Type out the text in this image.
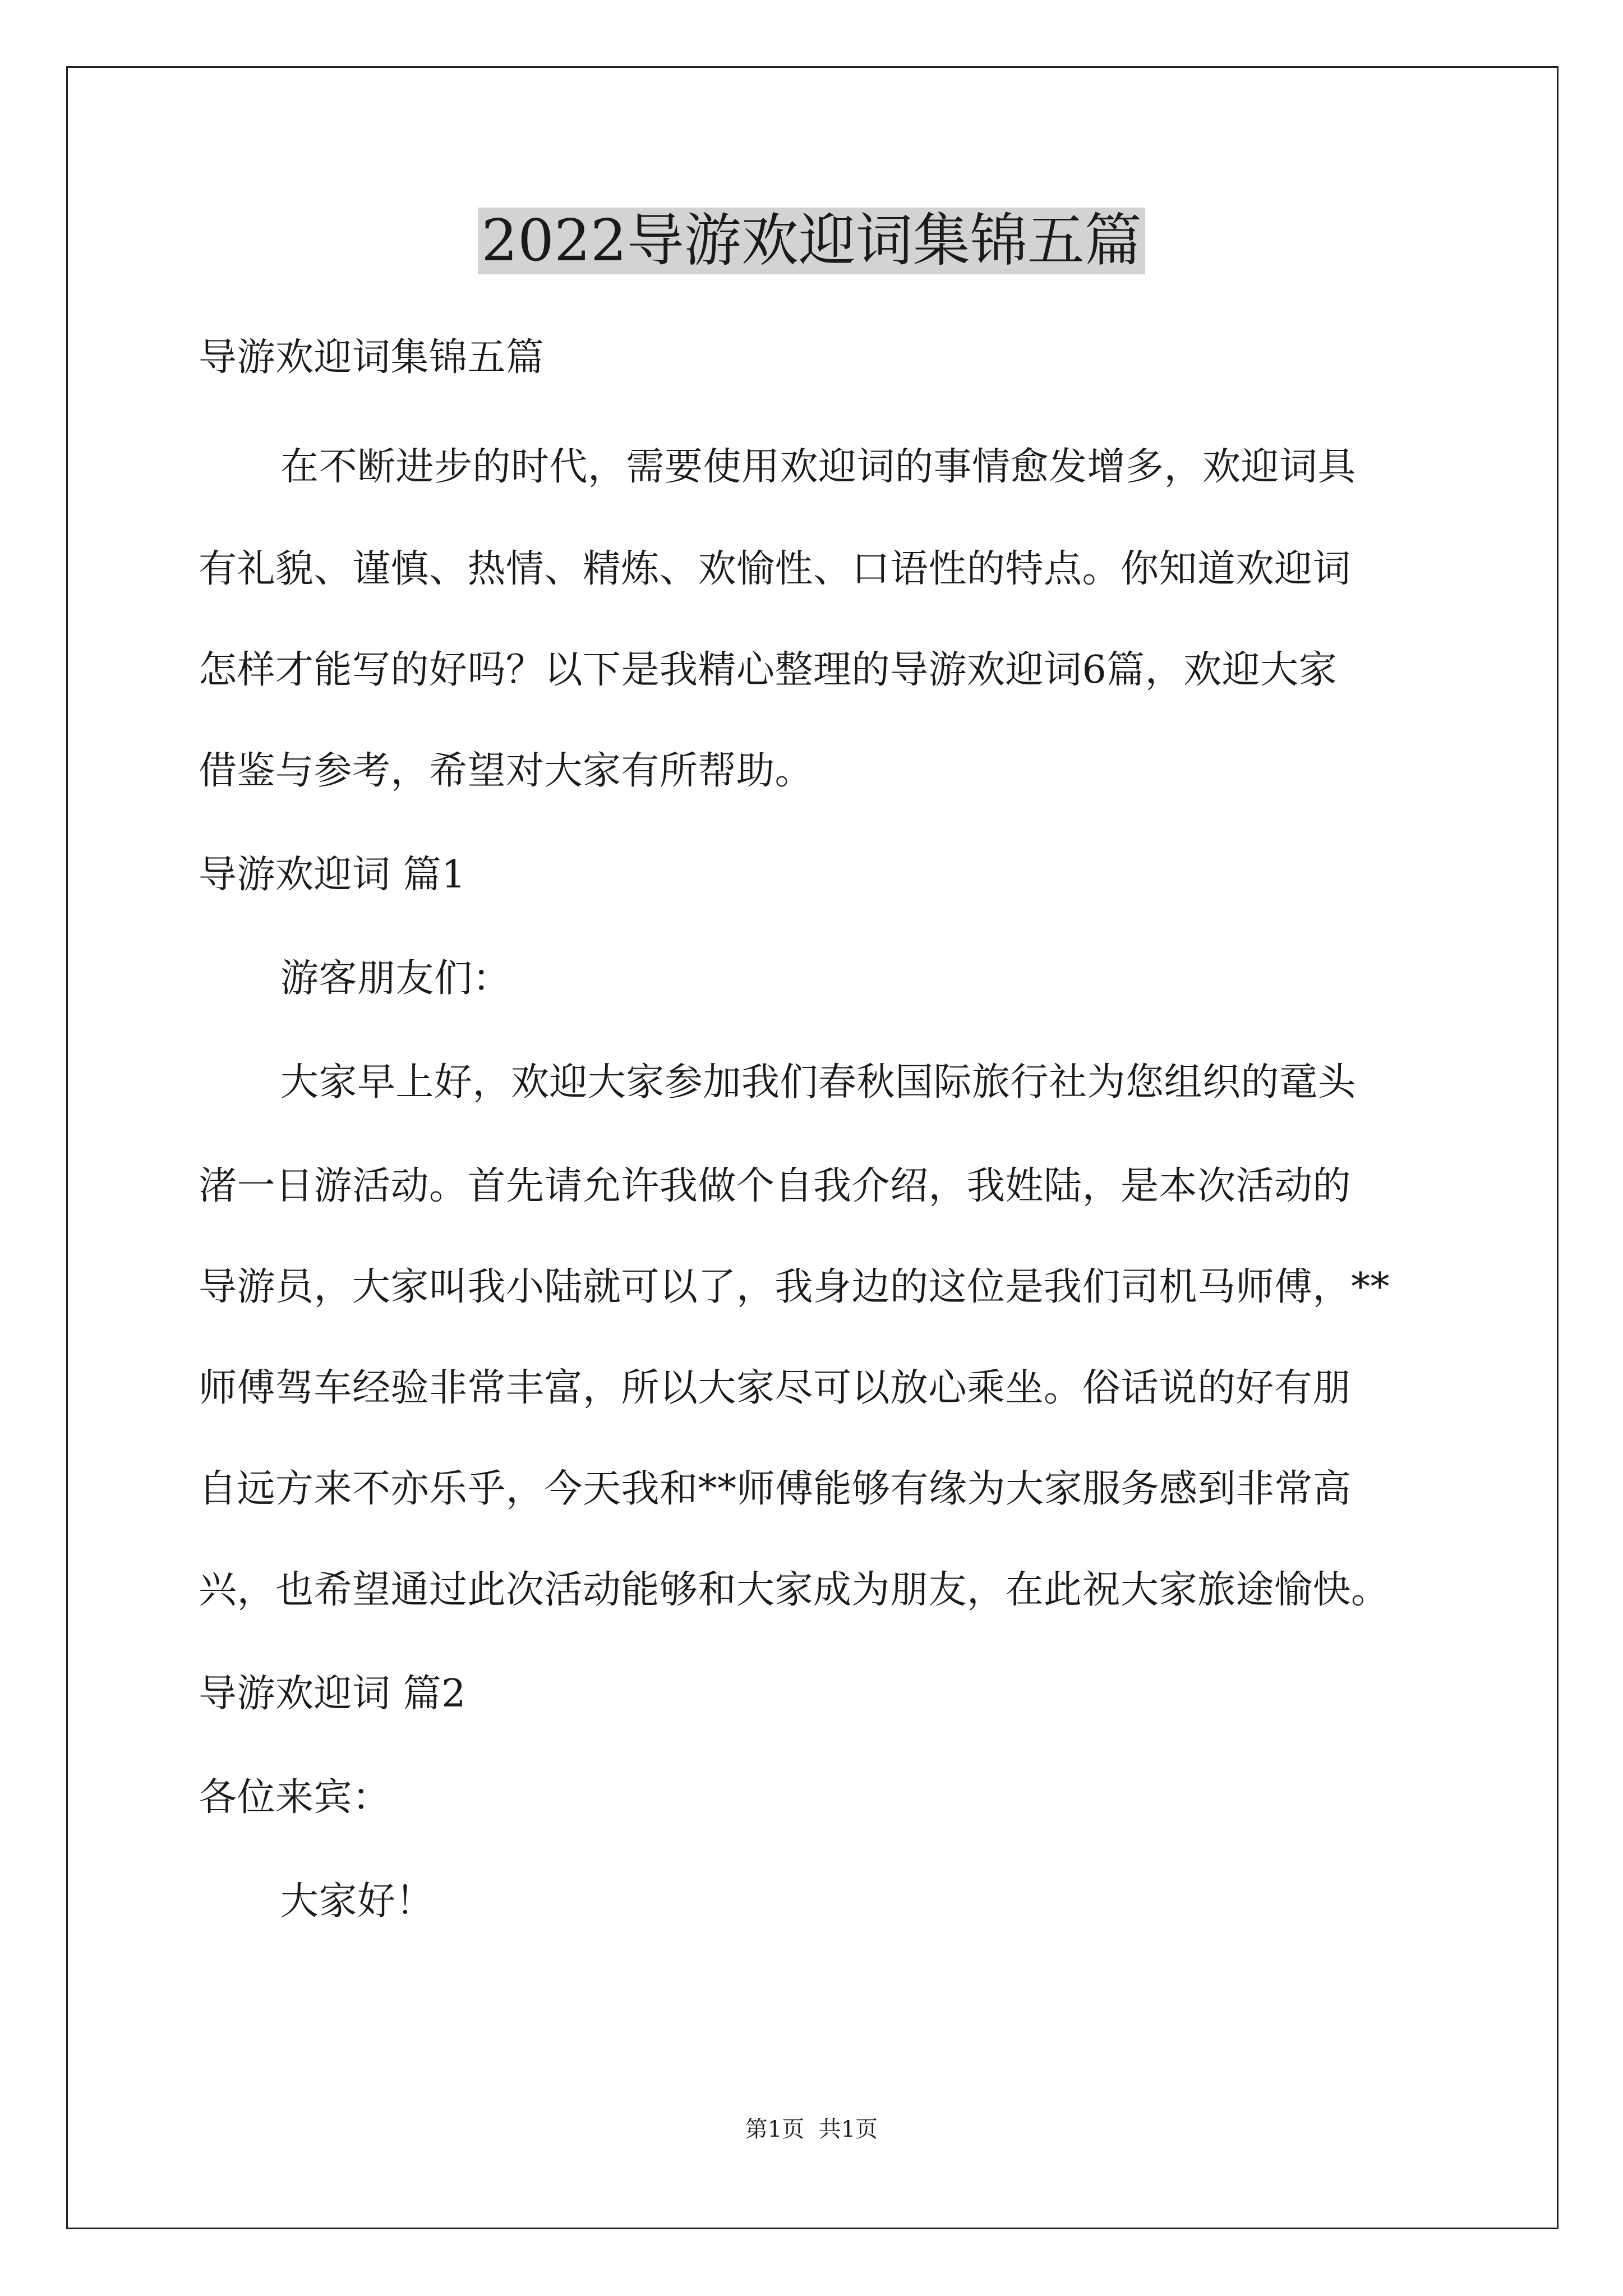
2022导游欢迎词集锦五篇
导游欢迎词集锦五篇
在不断进步的时代，需要使用欢迎词的事情愈发增多，欢迎词具
有礼貌、谨慎、热情、精炼、欢愉性、口语性的特点。你知道欢迎词
怎样才能写的好吗？以下是我精心整理的导游欢迎词6篇，欢迎大家
借鉴与参考，希望对大家有所帮助。
导游欢迎词 篇1
游客朋友们：
大家早上好，欢迎大家参加我们春秋国际旅行社为您组织的鼋头
渚一日游活动。首先请允许我做个自我介绍，我姓陆，是本次活动的
导游员，大家叫我小陆就可以了，我身边的这位是我们司机马师傅，**
师傅驾车经验非常丰富，所以大家尽可以放心乘坐。俗话说的好有朋
自远方来不亦乐乎，今天我和**师傅能够有缘为大家服务感到非常高
兴，也希望通过此次活动能够和大家成为朋友，在此祝大家旅途愉快。
导游欢迎词 篇2
各位来宾：
大家好！
第1页  共1页
